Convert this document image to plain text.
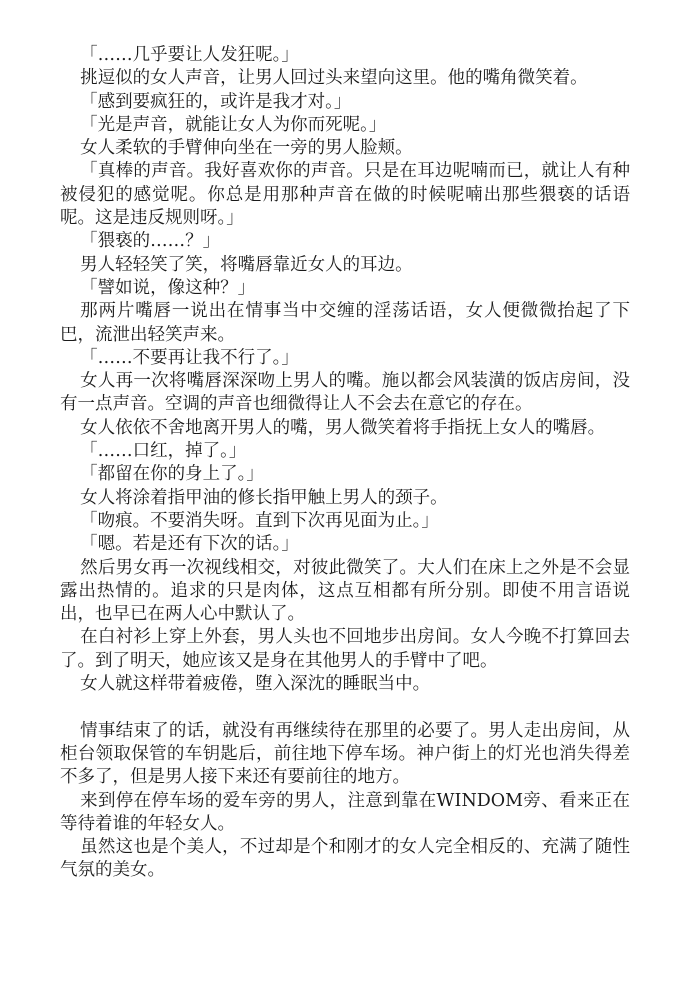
「……几乎要让人发狂呢。」

挑逗似的女人声音，让男人回过头来望向这里。他的嘴角微笑着。

「感到要疯狂的，或许是我才对。」

「光是声音，就能让女人为你而死呢。」

女人柔软的手臂伸向坐在一旁的男人脸颊。

「真棒的声音。我好喜欢你的声音。只是在耳边呢喃而已，就让人有种被侵犯的感觉呢。你总是用那种声音在做的时候呢喃出那些猥亵的话语呢。这是违反规则呀。」

「猥亵的……？」

男人轻轻笑了笑，将嘴唇靠近女人的耳边。

「譬如说，像这种？」

那两片嘴唇一说出在情事当中交缠的淫荡话语，女人便微微抬起了下巴，流泄出轻笑声来。

「……不要再让我不行了。」

女人再一次将嘴唇深深吻上男人的嘴。施以都会风装潢的饭店房间，没有一点声音。空调的声音也细微得让人不会去在意它的存在。

女人依依不舍地离开男人的嘴，男人微笑着将手指抚上女人的嘴唇。

「……口红，掉了。」

「都留在你的身上了。」

女人将涂着指甲油的修长指甲触上男人的颈子。

「吻痕。不要消失呀。直到下次再见面为止。」

「嗯。若是还有下次的话。」

然后男女再一次视线相交，对彼此微笑了。大人们在床上之外是不会显露出热情的。追求的只是肉体，这点互相都有所分别。即使不用言语说出，也早已在两人心中默认了。

在白衬衫上穿上外套，男人头也不回地步出房间。女人今晚不打算回去了。到了明天，她应该又是身在其他男人的手臂中了吧。

女人就这样带着疲倦，堕入深沈的睡眠当中。

情事结束了的话，就没有再继续待在那里的必要了。男人走出房间，从柜台领取保管的车钥匙后，前往地下停车场。神户街上的灯光也消失得差不多了，但是男人接下来还有要前往的地方。

来到停在停车场的爱车旁的男人，注意到靠在WINDOM旁、看来正在等待着谁的年轻女人。

虽然这也是个美人，不过却是个和刚才的女人完全相反的、充满了随性气氛的美女。
